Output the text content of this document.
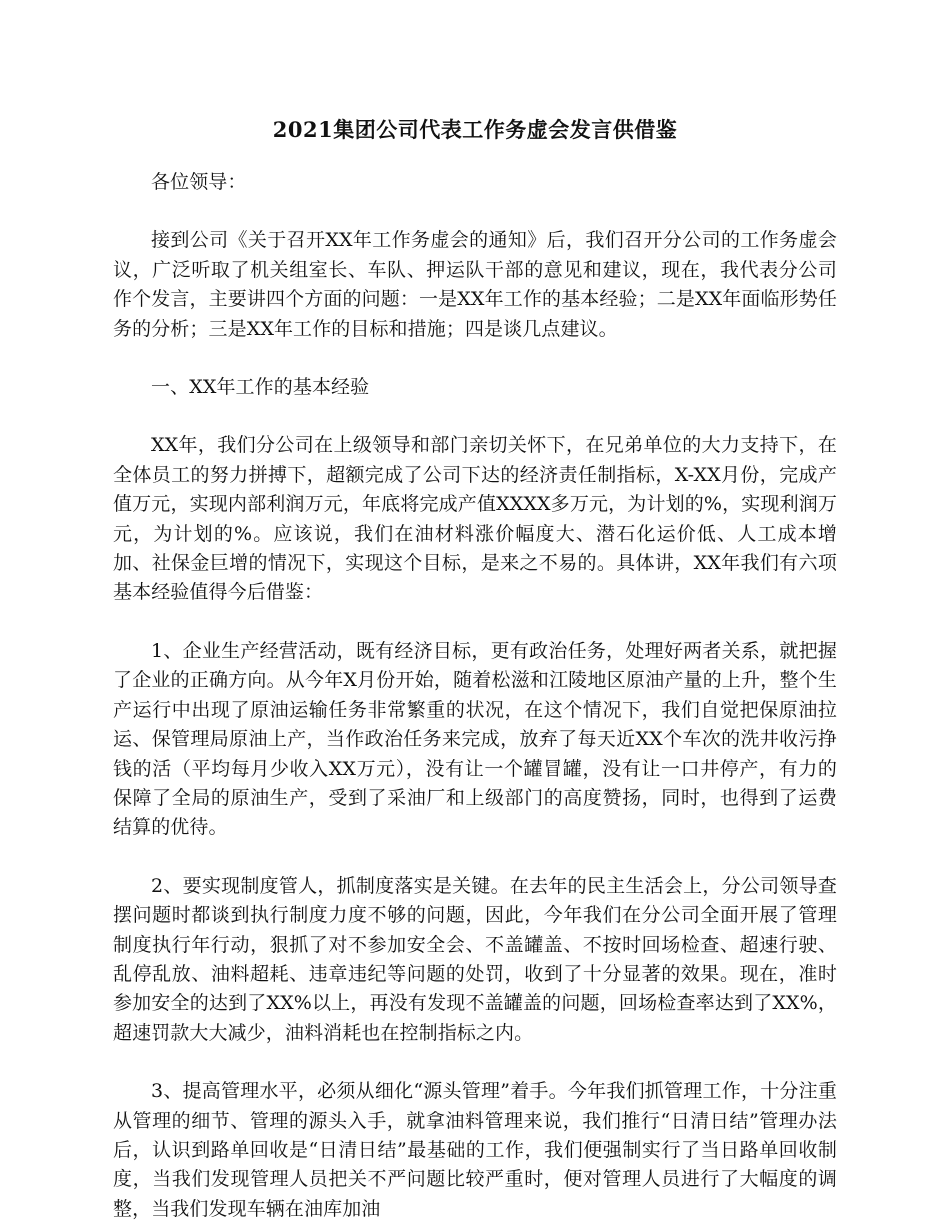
2021集团公司代表工作务虚会发言供借鉴

各位领导：

接到公司《关于召开XX年工作务虚会的通知》后，我们召开分公司的工作务虚会议，广泛听取了机关组室长、车队、押运队干部的意见和建议，现在，我代表分公司作个发言，主要讲四个方面的问题：一是XX年工作的基本经验；二是XX年面临形势任务的分析；三是XX年工作的目标和措施；四是谈几点建议。

一、XX年工作的基本经验

XX年，我们分公司在上级领导和部门亲切关怀下，在兄弟单位的大力支持下，在全体员工的努力拼搏下，超额完成了公司下达的经济责任制指标，X-XX月份，完成产值万元，实现内部利润万元，年底将完成产值XXXX多万元，为计划的%，实现利润万元，为计划的%。应该说，我们在油材料涨价幅度大、潜石化运价低、人工成本增加、社保金巨增的情况下，实现这个目标，是来之不易的。具体讲，XX年我们有六项基本经验值得今后借鉴：

1、企业生产经营活动，既有经济目标，更有政治任务，处理好两者关系，就把握了企业的正确方向。从今年X月份开始，随着松滋和江陵地区原油产量的上升，整个生产运行中出现了原油运输任务非常繁重的状况，在这个情况下，我们自觉把保原油拉运、保管理局原油上产，当作政治任务来完成，放弃了每天近XX个车次的洗井收污挣钱的活（平均每月少收入XX万元），没有让一个罐冒罐，没有让一口井停产，有力的保障了全局的原油生产，受到了采油厂和上级部门的高度赞扬，同时，也得到了运费结算的优待。

2、要实现制度管人，抓制度落实是关键。在去年的民主生活会上，分公司领导查摆问题时都谈到执行制度力度不够的问题，因此，今年我们在分公司全面开展了管理制度执行年行动，狠抓了对不参加安全会、不盖罐盖、不按时回场检查、超速行驶、乱停乱放、油料超耗、违章违纪等问题的处罚，收到了十分显著的效果。现在，准时参加安全的达到了XX%以上，再没有发现不盖罐盖的问题，回场检查率达到了XX%，超速罚款大大减少，油料消耗也在控制指标之内。

3、提高管理水平，必须从细化“源头管理”着手。今年我们抓管理工作，十分注重从管理的细节、管理的源头入手，就拿油料管理来说，我们推行“日清日结”管理办法后，认识到路单回收是“日清日结”最基础的工作，我们便强制实行了当日路单回收制度，当我们发现管理人员把关不严问题比较严重时，便对管理人员进行了大幅度的调整，当我们发现车辆在油库加油
